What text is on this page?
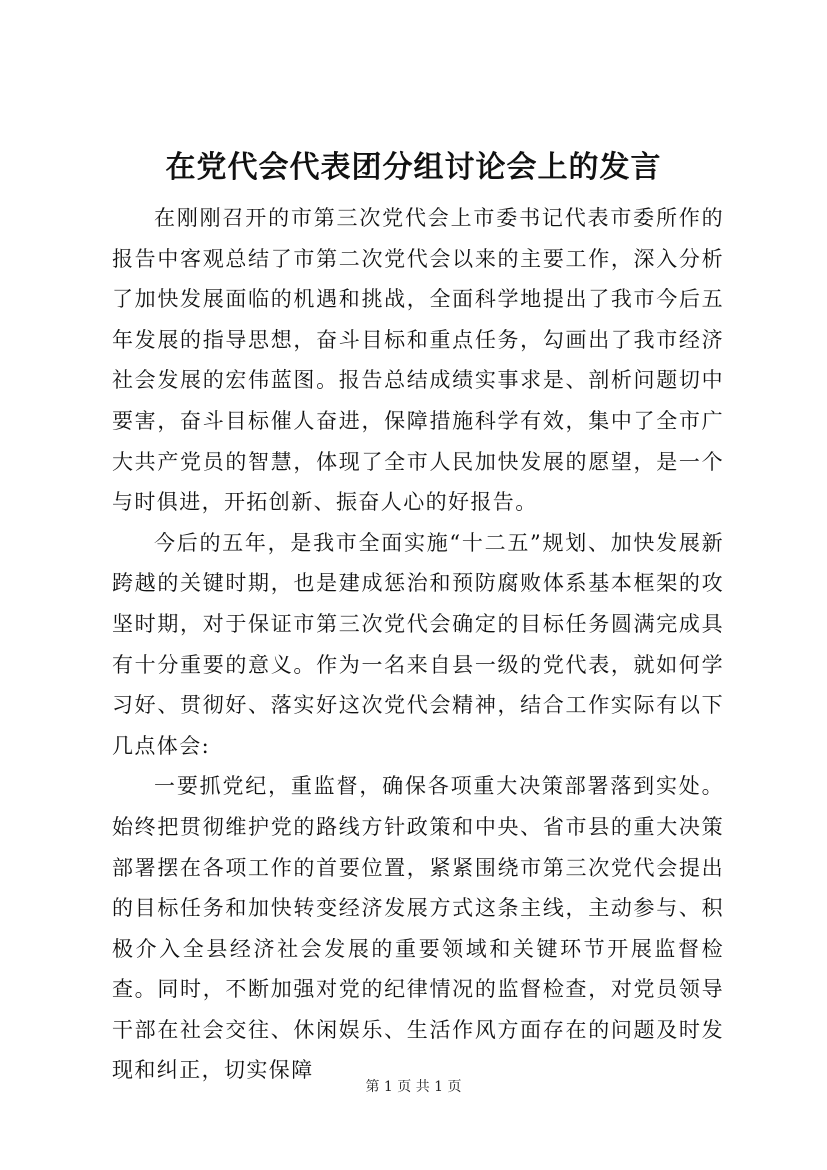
在党代会代表团分组讨论会上的发言

在刚刚召开的市第三次党代会上市委书记代表市委所作的报告中客观总结了市第二次党代会以来的主要工作，深入分析了加快发展面临的机遇和挑战，全面科学地提出了我市今后五年发展的指导思想，奋斗目标和重点任务，勾画出了我市经济社会发展的宏伟蓝图。报告总结成绩实事求是、剖析问题切中要害，奋斗目标催人奋进，保障措施科学有效，集中了全市广大共产党员的智慧，体现了全市人民加快发展的愿望，是一个与时俱进，开拓创新、振奋人心的好报告。

今后的五年，是我市全面实施“十二五”规划、加快发展新跨越的关键时期，也是建成惩治和预防腐败体系基本框架的攻坚时期，对于保证市第三次党代会确定的目标任务圆满完成具有十分重要的意义。作为一名来自县一级的党代表，就如何学习好、贯彻好、落实好这次党代会精神，结合工作实际有以下几点体会:

一要抓党纪，重监督，确保各项重大决策部署落到实处。始终把贯彻维护党的路线方针政策和中央、省市县的重大决策部署摆在各项工作的首要位置，紧紧围绕市第三次党代会提出的目标任务和加快转变经济发展方式这条主线，主动参与、积极介入全县经济社会发展的重要领域和关键环节开展监督检查。同时，不断加强对党的纪律情况的监督检查，对党员领导干部在社会交往、休闲娱乐、生活作风方面存在的问题及时发现和纠正，切实保障

第 1 页 共 1 页
